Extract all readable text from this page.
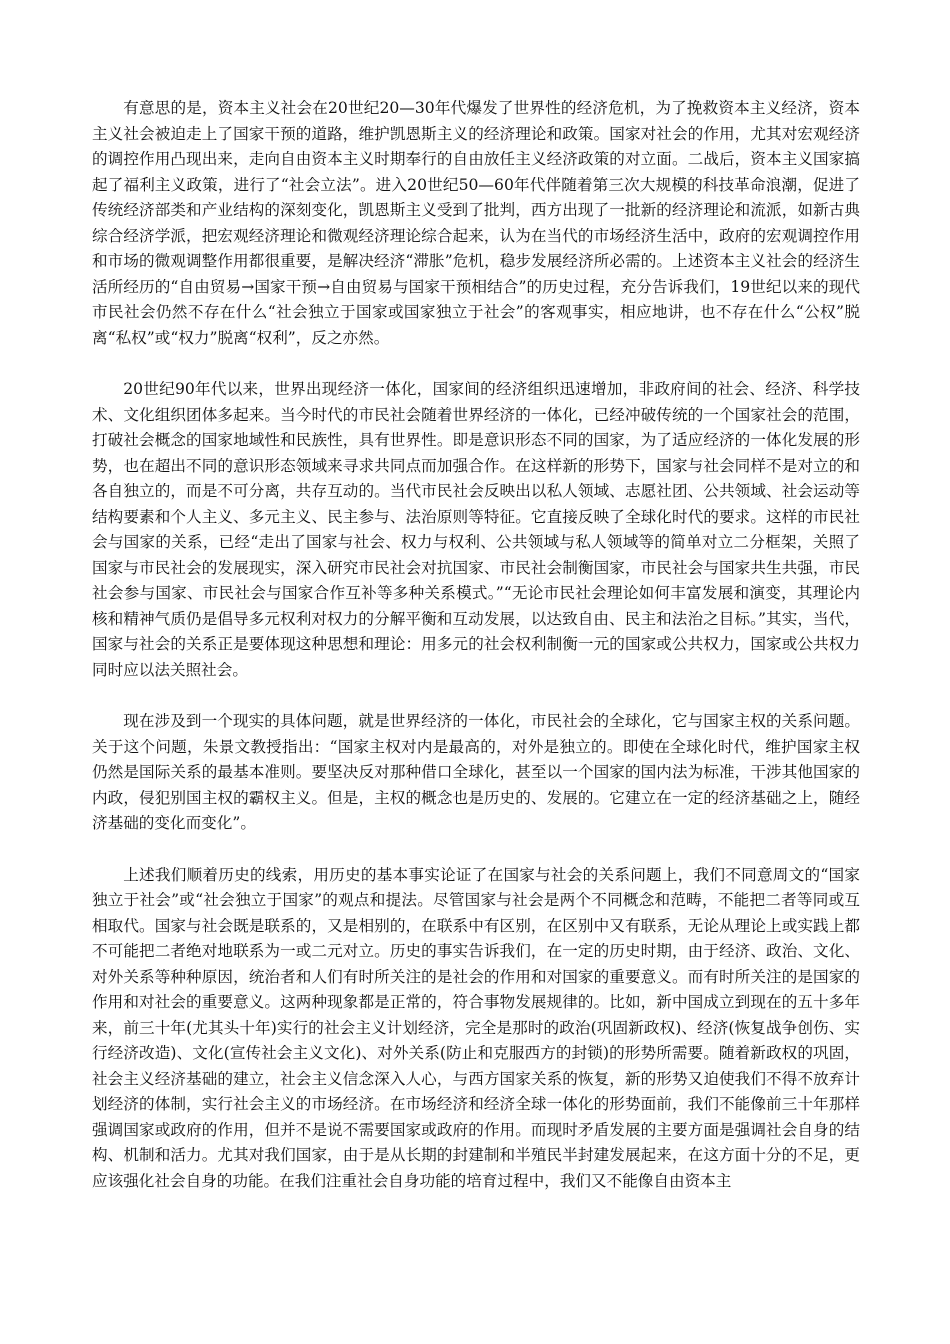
有意思的是，资本主义社会在20世纪20—30年代爆发了世界性的经济危机，为了挽救资本主义经济，资本主义社会被迫走上了国家干预的道路，维护凯恩斯主义的经济理论和政策。国家对社会的作用，尤其对宏观经济的调控作用凸现出来，走向自由资本主义时期奉行的自由放任主义经济政策的对立面。二战后，资本主义国家搞起了福利主义政策，进行了“社会立法”。进入20世纪50—60年代伴随着第三次大规模的科技革命浪潮，促进了传统经济部类和产业结构的深刻变化，凯恩斯主义受到了批判，西方出现了一批新的经济理论和流派，如新古典综合经济学派，把宏观经济理论和微观经济理论综合起来，认为在当代的市场经济生活中，政府的宏观调控作用和市场的微观调整作用都很重要，是解决经济“滞胀”危机，稳步发展经济所必需的。上述资本主义社会的经济生活所经历的“自由贸易→国家干预→自由贸易与国家干预相结合”的历史过程，充分告诉我们，19世纪以来的现代市民社会仍然不存在什么“社会独立于国家或国家独立于社会”的客观事实，相应地讲，也不存在什么“公权”脱离“私权”或“权力”脱离“权利”，反之亦然。

20世纪90年代以来，世界出现经济一体化，国家间的经济组织迅速增加，非政府间的社会、经济、科学技术、文化组织团体多起来。当今时代的市民社会随着世界经济的一体化，已经冲破传统的一个国家社会的范围，打破社会概念的国家地域性和民族性，具有世界性。即是意识形态不同的国家，为了适应经济的一体化发展的形势，也在超出不同的意识形态领域来寻求共同点而加强合作。在这样新的形势下，国家与社会同样不是对立的和各自独立的，而是不可分离，共存互动的。当代市民社会反映出以私人领域、志愿社团、公共领域、社会运动等结构要素和个人主义、多元主义、民主参与、法治原则等特征。它直接反映了全球化时代的要求。这样的市民社会与国家的关系，已经“走出了国家与社会、权力与权利、公共领域与私人领域等的简单对立二分框架，关照了国家与市民社会的发展现实，深入研究市民社会对抗国家、市民社会制衡国家，市民社会与国家共生共强，市民社会参与国家、市民社会与国家合作互补等多种关系模式。”“无论市民社会理论如何丰富发展和演变，其理论内核和精神气质仍是倡导多元权利对权力的分解平衡和互动发展，以达致自由、民主和法治之目标。”其实，当代，国家与社会的关系正是要体现这种思想和理论：用多元的社会权利制衡一元的国家或公共权力，国家或公共权力同时应以法关照社会。

现在涉及到一个现实的具体问题，就是世界经济的一体化，市民社会的全球化，它与国家主权的关系问题。关于这个问题，朱景文教授指出：“国家主权对内是最高的，对外是独立的。即使在全球化时代，维护国家主权仍然是国际关系的最基本准则。要坚决反对那种借口全球化，甚至以一个国家的国内法为标准，干涉其他国家的内政，侵犯别国主权的霸权主义。但是，主权的概念也是历史的、发展的。它建立在一定的经济基础之上，随经济基础的变化而变化”。

上述我们顺着历史的线索，用历史的基本事实论证了在国家与社会的关系问题上，我们不同意周文的“国家独立于社会”或“社会独立于国家”的观点和提法。尽管国家与社会是两个不同概念和范畴，不能把二者等同或互相取代。国家与社会既是联系的，又是相别的，在联系中有区别，在区别中又有联系，无论从理论上或实践上都不可能把二者绝对地联系为一或二元对立。历史的事实告诉我们，在一定的历史时期，由于经济、政治、文化、对外关系等种种原因，统治者和人们有时所关注的是社会的作用和对国家的重要意义。而有时所关注的是国家的作用和对社会的重要意义。这两种现象都是正常的，符合事物发展规律的。比如，新中国成立到现在的五十多年来，前三十年(尤其头十年)实行的社会主义计划经济，完全是那时的政治(巩固新政权)、经济(恢复战争创伤、实行经济改造)、文化(宣传社会主义文化)、对外关系(防止和克服西方的封锁)的形势所需要。随着新政权的巩固，社会主义经济基础的建立，社会主义信念深入人心，与西方国家关系的恢复，新的形势又迫使我们不得不放弃计划经济的体制，实行社会主义的市场经济。在市场经济和经济全球一体化的形势面前，我们不能像前三十年那样强调国家或政府的作用，但并不是说不需要国家或政府的作用。而现时矛盾发展的主要方面是强调社会自身的结构、机制和活力。尤其对我们国家，由于是从长期的封建制和半殖民半封建发展起来，在这方面十分的不足，更应该强化社会自身的功能。在我们注重社会自身功能的培育过程中，我们又不能像自由资本主
